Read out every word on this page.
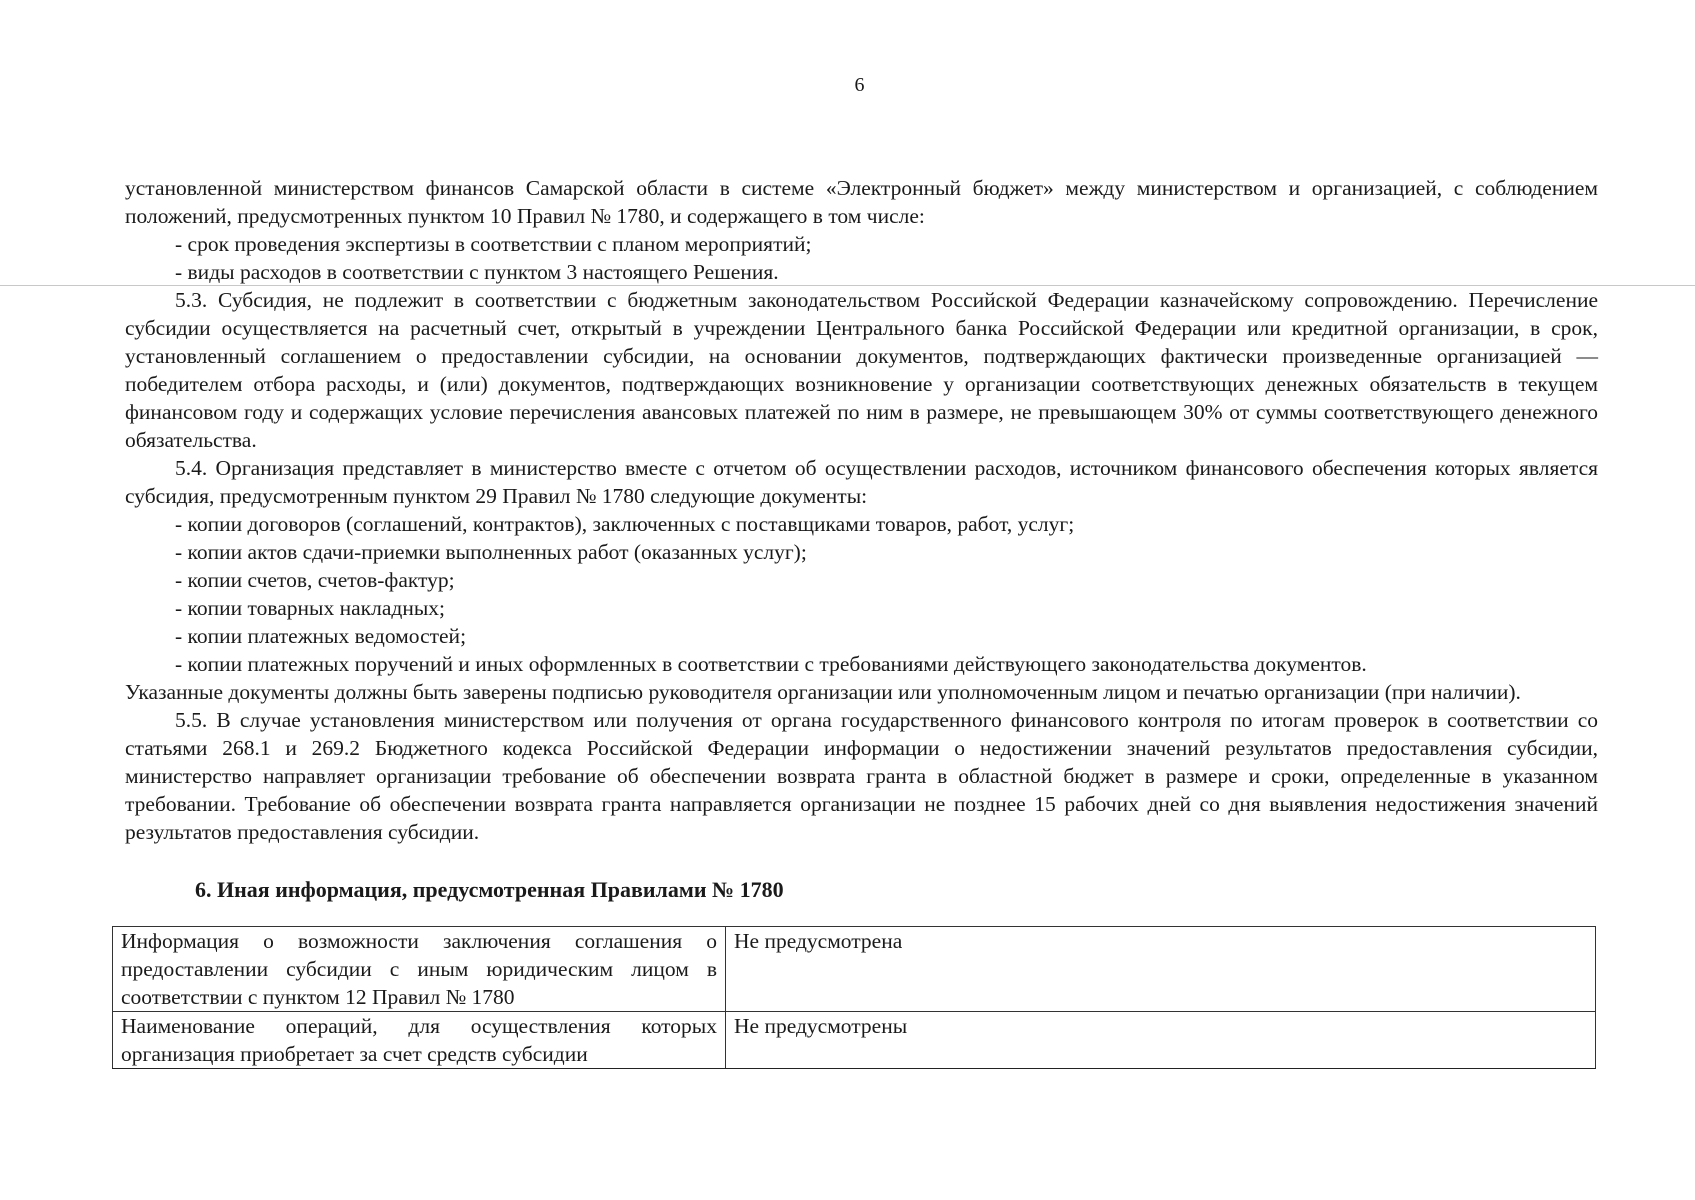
6

установленной министерством финансов Самарской области в системе «Электронный бюджет» между министерством и организацией, с соблюдением положений, предусмотренных пунктом 10 Правил № 1780, и содержащего в том числе:

- срок проведения экспертизы в соответствии с планом мероприятий;

- виды расходов в соответствии с пунктом 3 настоящего Решения.

5.3. Субсидия, не подлежит в соответствии с бюджетным законодательством Российской Федерации казначейскому сопровождению. Перечисление субсидии осуществляется на расчетный счет, открытый в учреждении Центрального банка Российской Федерации или кредитной организации, в срок, установленный соглашением о предоставлении субсидии, на основании документов, подтверждающих фактически произведенные организацией — победителем отбора расходы, и (или) документов, подтверждающих возникновение у организации соответствующих денежных обязательств в текущем финансовом году и содержащих условие перечисления авансовых платежей по ним в размере, не превышающем 30% от суммы соответствующего денежного обязательства.

5.4. Организация представляет в министерство вместе с отчетом об осуществлении расходов, источником финансового обеспечения которых является субсидия, предусмотренным пунктом 29 Правил № 1780 следующие документы:

- копии договоров (соглашений, контрактов), заключенных с поставщиками товаров, работ, услуг;

- копии актов сдачи-приемки выполненных работ (оказанных услуг);

- копии счетов, счетов-фактур;

- копии товарных накладных;

- копии платежных ведомостей;

- копии платежных поручений и иных оформленных в соответствии с требованиями действующего законодательства документов.

Указанные документы должны быть заверены подписью руководителя организации или уполномоченным лицом и печатью организации (при наличии).

5.5. В случае установления министерством или получения от органа государственного финансового контроля по итогам проверок в соответствии со статьями 268.1 и 269.2 Бюджетного кодекса Российской Федерации информации о недостижении значений результатов предоставления субсидии, министерство направляет организации требование об обеспечении возврата гранта в областной бюджет в размере и сроки, определенные в указанном требовании. Требование об обеспечении возврата гранта направляется организации не позднее 15 рабочих дней со дня выявления недостижения значений результатов предоставления субсидии.

6. Иная информация, предусмотренная Правилами № 1780

Информация о возможности заключения соглашения о предоставлении субсидии с иным юридическим лицом в соответствии с пунктом 12 Правил № 1780	Не предусмотрена
Наименование операций, для осуществления которых организация приобретает за счет средств субсидии	Не предусмотрены
